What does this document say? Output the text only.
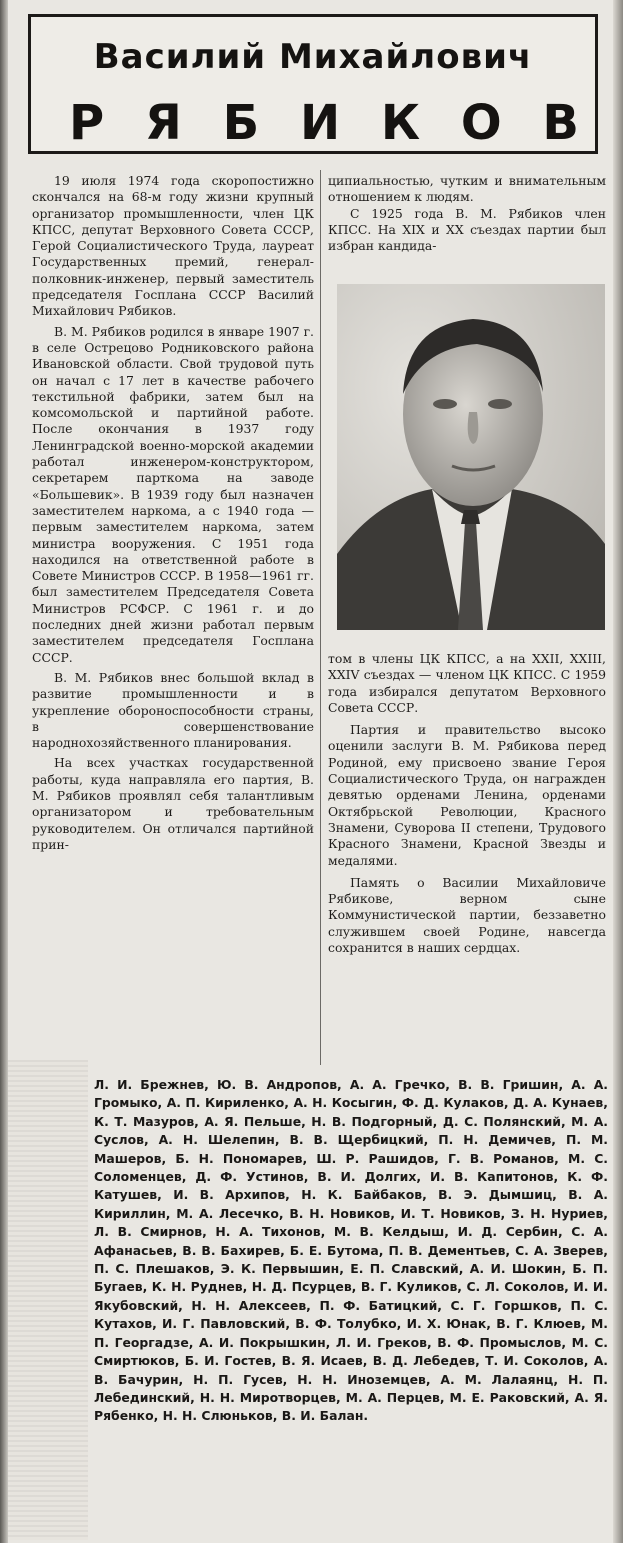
Василий Михайлович
Р Я Б И К О В

19 июля 1974 года скоропостижно скончался на 68-м году жизни крупный организатор промышленности, член ЦК КПСС, депутат Верховного Совета СССР, Герой Социалистического Труда, лауреат Государственных премий, генерал-полковник-инженер, первый заместитель председателя Госплана СССР Василий Михайлович Рябиков.

В. М. Рябиков родился в январе 1907 г. в селе Острецово Родниковского района Ивановской области. Свой трудовой путь он начал с 17 лет в качестве рабочего текстильной фабрики, затем был на комсомольской и партийной работе. После окончания в 1937 году Ленинградской военно-морской академии работал инженером-конструктором, секретарем парткома на заводе «Большевик». В 1939 году был назначен заместителем наркома, а с 1940 года — первым заместителем наркома, затем министра вооружения. С 1951 года находился на ответственной работе в Совете Министров СССР. В 1958—1961 гг. был заместителем Председателя Совета Министров РСФСР. С 1961 г. и до последних дней жизни работал первым заместителем председателя Госплана СССР.

В. М. Рябиков внес большой вклад в развитие промышленности и в укрепление обороноспособности страны, в совершенствование народнохозяйственного планирования.

На всех участках государственной работы, куда направляла его партия, В. М. Рябиков проявлял себя талантливым организатором и требовательным руководителем. Он отличался партийной прин-

ципиальностью, чутким и внимательным отношением к людям.

С 1925 года В. М. Рябиков член КПСС. На XIX и XX съездах партии был избран кандида-

том в члены ЦК КПСС, а на XXII, XXIII, XXIV съездах — членом ЦК КПСС. С 1959 года избирался депутатом Верховного Совета СССР.

Партия и правительство высоко оценили заслуги В. М. Рябикова перед Родиной, ему присвоено звание Героя Социалистического Труда, он награжден девятью орденами Ленина, орденами Октябрьской Революции, Красного Знамени, Суворова II степени, Трудового Красного Знамени, Красной Звезды и медалями.

Память о Василии Михайловиче Рябикове, верном сыне Коммунистической партии, беззаветно служившем своей Родине, навсегда сохранится в наших сердцах.

Л. И. Брежнев, Ю. В. Андропов, А. А. Гречко, В. В. Гришин, А. А. Громыко, А. П. Кириленко, А. Н. Косыгин, Ф. Д. Кулаков, Д. А. Кунаев, К. Т. Мазуров, А. Я. Пельше, Н. В. Подгорный, Д. С. Полянский, М. А. Суслов, А. Н. Шелепин, В. В. Щербицкий, П. Н. Демичев, П. М. Машеров, Б. Н. Пономарев, Ш. Р. Рашидов, Г. В. Романов, М. С. Соломенцев, Д. Ф. Устинов, В. И. Долгих, И. В. Капитонов, К. Ф. Катушев, И. В. Архипов, Н. К. Байбаков, В. Э. Дымшиц, В. А. Кириллин, М. А. Лесечко, В. Н. Новиков, И. Т. Новиков, З. Н. Нуриев, Л. В. Смирнов, Н. А. Тихонов, М. В. Келдыш, И. Д. Сербин, С. А. Афанасьев, В. В. Бахирев, Б. Е. Бутома, П. В. Дементьев, С. А. Зверев, П. С. Плешаков, Э. К. Первышин, Е. П. Славский, А. И. Шокин, Б. П. Бугаев, К. Н. Руднев, Н. Д. Псурцев, В. Г. Куликов, С. Л. Соколов, И. И. Якубовский, Н. Н. Алексеев, П. Ф. Батицкий, С. Г. Горшков, П. С. Кутахов, И. Г. Павловский, В. Ф. Толубко, И. Х. Юнак, В. Г. Клюев, М. П. Георгадзе, А. И. Покрышкин, Л. И. Греков, В. Ф. Промыслов, М. С. Смиртюков, Б. И. Гостев, В. Я. Исаев, В. Д. Лебедев, Т. И. Соколов, А. В. Бачурин, Н. П. Гусев, Н. Н. Иноземцев, А. М. Лалаянц, Н. П. Лебединский, Н. Н. Миротворцев, М. А. Перцев, М. Е. Раковский, А. Я. Рябенко, Н. Н. Слюньков, В. И. Балан.
